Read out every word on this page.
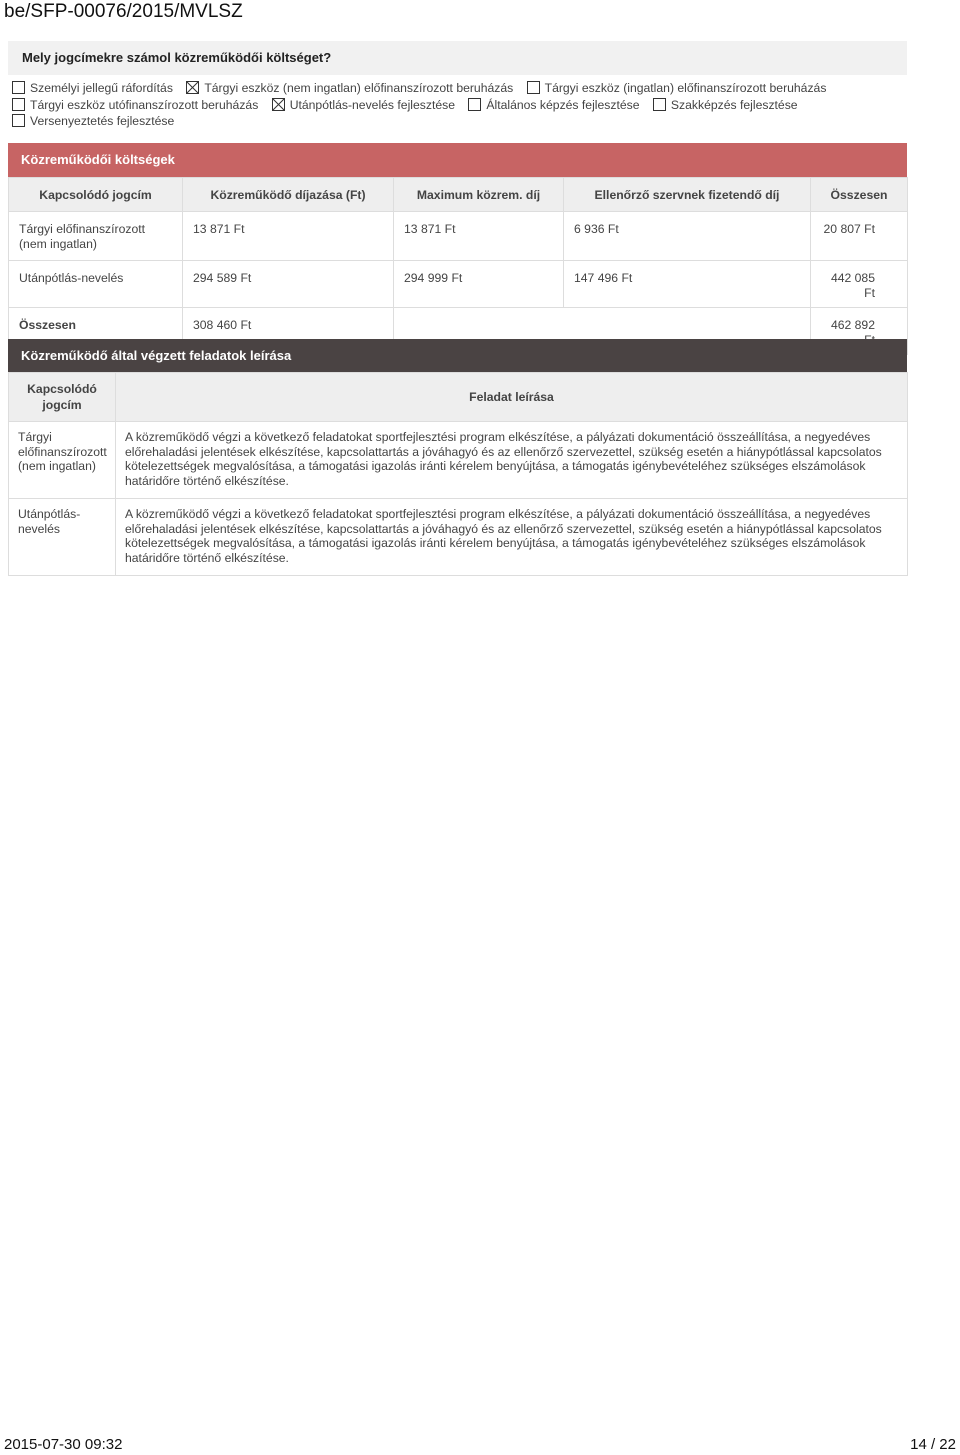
be/SFP-00076/2015/MVLSZ
Mely jogcímekre számol közreműködői költséget?
Személyi jellegű ráfordítás	Tárgyi eszköz (nem ingatlan) előfinanszírozott beruházás	Tárgyi eszköz (ingatlan) előfinanszírozott beruházás
Tárgyi eszköz utófinanszírozott beruházás	Utánpótlás-nevelés fejlesztése	Általános képzés fejlesztése	Szakképzés fejlesztése
Versenyeztetés fejlesztése
Közreműködői költségek
Kapcsolódó jogcím	Közreműködő díjazása (Ft)	Maximum közrem. díj	Ellenőrző szervnek fizetendő díj	Összesen
Tárgyi előfinanszírozott (nem ingatlan)	13 871 Ft	13 871 Ft	6 936 Ft	20 807 Ft
Utánpótlás-nevelés	294 589 Ft	294 999 Ft	147 496 Ft	442 085 Ft
Összesen	308 460 Ft			462 892
Közreműködő által végzett feladatok leírása
Kapcsolódó jogcím	Feladat leírása
Tárgyi előfinanszírozott (nem ingatlan)	A közreműködő végzi a következő feladatokat sportfejlesztési program elkészítése, a pályázati dokumentáció összeállítása, a negyedéves előrehaladási jelentések elkészítése, kapcsolattartás a jóváhagyó és az ellenőrző szervezettel, szükség esetén a hiánypótlással kapcsolatos kötelezettségek megvalósítása, a támogatási igazolás iránti kérelem benyújtása, a támogatás igénybevételéhez szükséges elszámolások határidőre történő elkészítése.
Utánpótlás-nevelés	A közreműködő végzi a következő feladatokat sportfejlesztési program elkészítése, a pályázati dokumentáció összeállítása, a negyedéves előrehaladási jelentések elkészítése, kapcsolattartás a jóváhagyó és az ellenőrző szervezettel, szükség esetén a hiánypótlással kapcsolatos kötelezettségek megvalósítása, a támogatási igazolás iránti kérelem benyújtása, a támogatás igénybevételéhez szükséges elszámolások határidőre történő elkészítése.
2015-07-30 09:32	14 / 22
